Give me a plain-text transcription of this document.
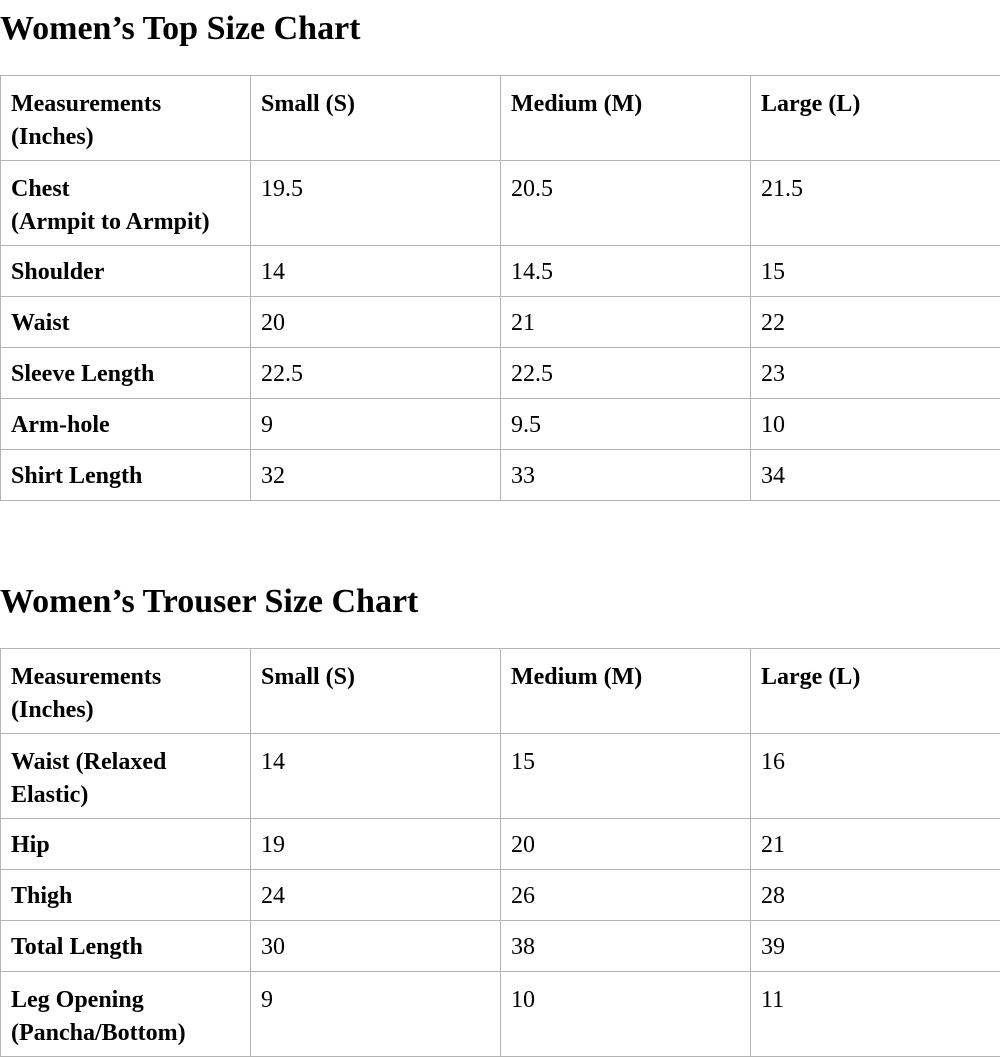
Women’s Top Size Chart
Measurements
(Inches)	Small (S)	Medium (M)	Large (L)
Chest
(Armpit to Armpit)	19.5	20.5	21.5
Shoulder	14	14.5	15
Waist	20	21	22
Sleeve Length	22.5	22.5	23
Arm-hole	9	9.5	10
Shirt Length	32	33	34
Women’s Trouser Size Chart
Measurements
(Inches)	Small (S)	Medium (M)	Large (L)
Waist (Relaxed
Elastic)	14	15	16
Hip	19	20	21
Thigh	24	26	28
Total Length	30	38	39
Leg Opening
(Pancha/Bottom)	9	10	11
